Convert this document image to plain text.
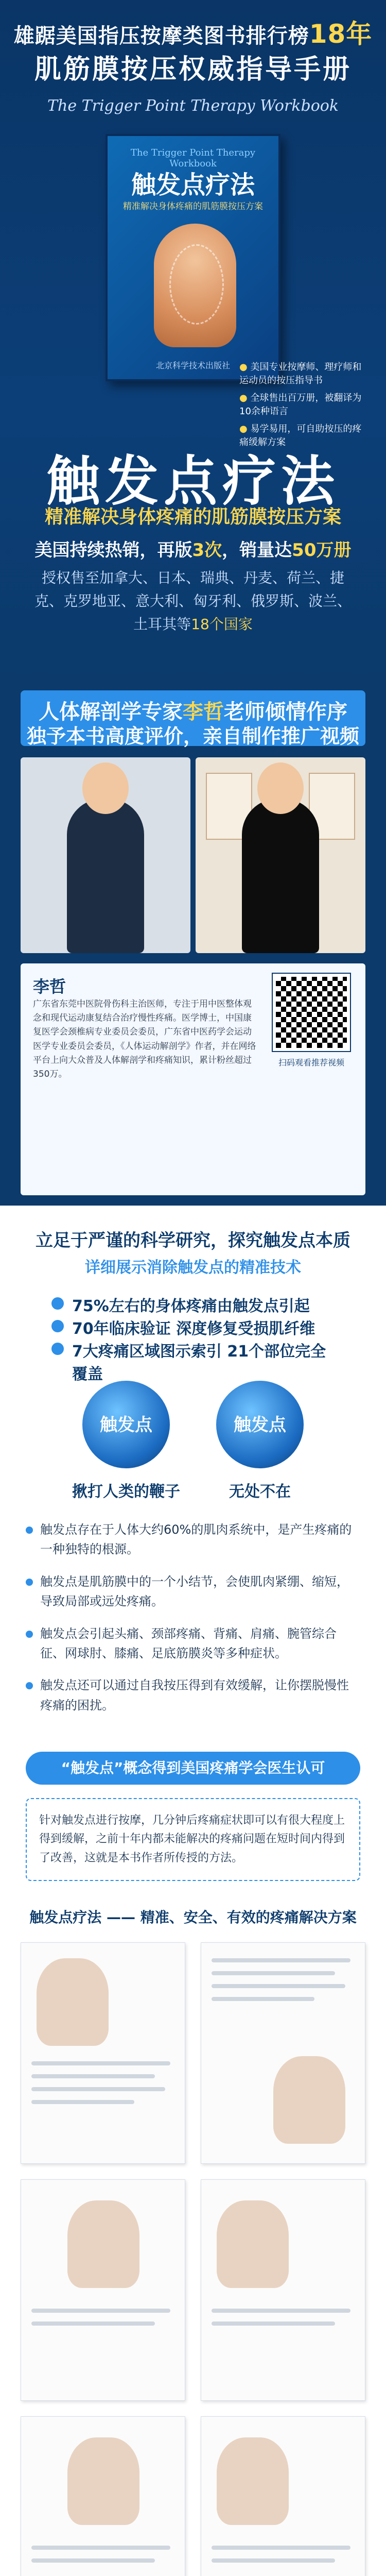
雄踞美国指压按摩类图书排行榜18年
肌筋膜按压权威指导手册
The Trigger Point Therapy Workbook
The Trigger Point Therapy Workbook
触发点疗法
精准解决身体疼痛的肌筋膜按压方案
北京科学技术出版社
●	美国专业按摩师、理疗师和运动员的按压指导书
● 全球售出百万册，被翻译为10余种语言
● 易学易用，可自助按压的疼痛缓解方案
触发点疗法
精准解决身体疼痛的肌筋膜按压方案
美国持续热销，再版3次，销量达50万册
授权售至加拿大、日本、瑞典、丹麦、荷兰、捷克、克罗地亚、意大利、匈牙利、俄罗斯、波兰、土耳其等18个国家
人体解剖学专家李哲老师倾情作序
独予本书高度评价，亲自制作推广视频
李哲
广东省东莞中医院骨伤科主治医师，专注于用中医整体观念和现代运动康复结合治疗慢性疼痛。医学博士，中国康复医学会颈椎病专业委员会委员，广东省中医药学会运动医学专业委员会委员，《人体运动解剖学》作者，并在网络平台上向大众普及人体解剖学和疼痛知识，累计粉丝超过350万。
扫码观看推荐视频
立足于严谨的科学研究，探究触发点本质
详细展示消除触发点的精准技术
75%左右的身体疼痛由触发点引起
70年临床验证 深度修复受损肌纤维
7大疼痛区域图示索引 21个部位完全覆盖
触发点	触发点
揪打人类的鞭子	无处不在

触发点存在于人体大约60%的肌肉系统中，是产生疼痛的一种独特的根源。

触发点是肌筋膜中的一个小结节，会使肌肉紧绷、缩短，导致局部或远处疼痛。

触发点会引起头痛、颈部疼痛、背痛、肩痛、腕管综合征、网球肘、膝痛、足底筋膜炎等多种症状。

触发点还可以通过自我按压得到有效缓解，让你摆脱慢性疼痛的困扰。

“触发点”概念得到美国疼痛学会医生认可
针对触发点进行按摩，几分钟后疼痛症状即可以有很大程度上得到缓解，之前十年内都未能解决的疼痛问题在短时间内得到了改善，这就是本书作者所传授的方法。
触发点疗法 —— 精准、安全、有效的疼痛解决方案
